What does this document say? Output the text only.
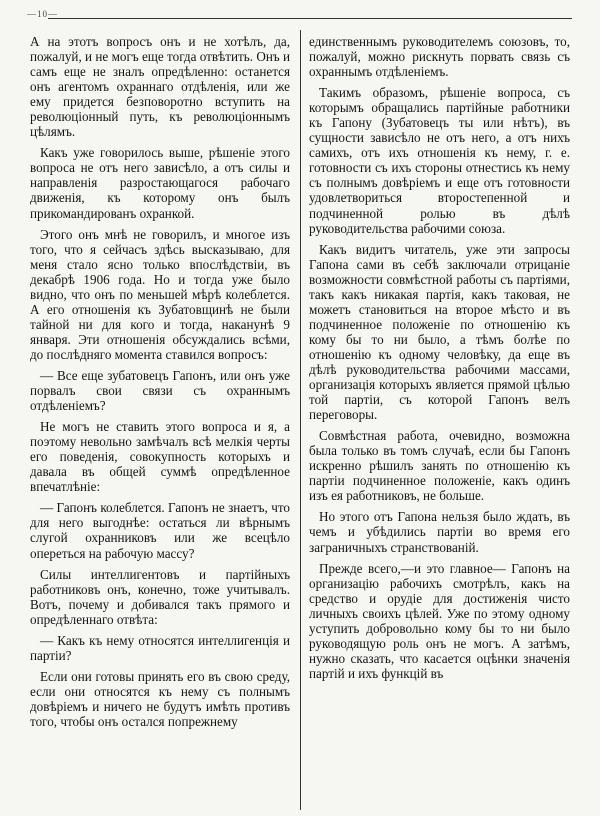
—10—

А на этотъ вопросъ онъ и не хотѣлъ, да, пожалуй, и не могъ еще тогда отвѣтить. Онъ и самъ еще не зналъ опредѣленно: останется онъ агентомъ охраннаго отдѣленія, или же ему придется безповоротно вступить на революціонный путь, къ революціоннымъ цѣлямъ.

Какъ уже говорилось выше, рѣшеніе этого вопроса не отъ него зависѣло, а отъ силы и направленія разростающагося рабочаго движенія, къ которому онъ былъ прикомандированъ охранкой.

Этого онъ мнѣ не говорилъ, и многое изъ того, что я сейчасъ здѣсь высказываю, для меня стало ясно только впослѣдствіи, въ декабрѣ 1906 года. Но и тогда уже было видно, что онъ по меньшей мѣрѣ колеблется. А его отношенія къ Зубатовщинѣ не были тайной ни для кого и тогда, наканунѣ 9 января. Эти отношенія обсуждались всѣми, до послѣдняго момента ставился вопросъ:

— Все еще зубатовецъ Гапонъ, или онъ уже порвалъ свои связи съ охраннымъ отдѣленіемъ?

Не могъ не ставить этого вопроса и я, а поэтому невольно замѣчалъ всѣ мелкія черты его поведенія, совокупность которыхъ и давала въ общей суммѣ опредѣленное впечатлѣніе:

— Гапонъ колеблется. Гапонъ не знаетъ, что для него выгоднѣе: остаться ли вѣрнымъ слугой охранниковъ или же всецѣло опереться на рабочую массу?

Силы интеллигентовъ и партійныхъ работниковъ онъ, конечно, тоже учитывалъ. Вотъ, почему и добивался такъ прямого и опредѣленнаго отвѣта:

— Какъ къ нему относятся интеллигенція и партіи?

Если они готовы принять его въ свою среду, если они относятся къ нему съ полнымъ довѣріемъ и ничего не будутъ имѣть противъ того, чтобы онъ остался попрежнему

единственнымъ руководителемъ союзовъ, то, пожалуй, можно рискнуть порвать связь съ охраннымъ отдѣленіемъ.

Такимъ образомъ, рѣшеніе вопроса, съ которымъ обращались партійные работники къ Гапону (Зубатовецъ ты или нѣтъ), въ сущности зависѣло не отъ него, а отъ нихъ самихъ, отъ ихъ отношенія къ нему, г. е. готовности съ ихъ стороны отнестись къ нему съ полнымъ довѣріемъ и еще отъ готовности удовлетвориться второстепенной и подчиненной ролью въ дѣлѣ руководительства рабочими союза.

Какъ видитъ читатель, уже эти запросы Гапона сами въ себѣ заключали отрицаніе возможности совмѣстной работы съ партіями, такъ какъ никакая партія, какъ таковая, не можетъ становиться на второе мѣсто и въ подчиненное положеніе по отношенію къ кому бы то ни было, а тѣмъ болѣе по отношенію къ одному человѣку, да еще въ дѣлѣ руководительства рабочими массами, организація которыхъ является прямой цѣлью той партіи, съ которой Гапонъ велъ переговоры.

Совмѣстная работа, очевидно, возможна была только въ томъ случаѣ, если бы Гапонъ искренно рѣшилъ занять по отношенію къ партіи подчиненное положеніе, какъ одинъ изъ ея работниковъ, не больше.

Но этого отъ Гапона нельзя было ждать, въ чемъ и убѣдились партіи во время его заграничныхъ странствованій.

Прежде всего,—и это главное— Гапонъ на организацію рабочихъ смотрѣлъ, какъ на средство и орудіе для достиженія чисто личныхъ своихъ цѣлей. Уже по этому одному уступить добровольно кому бы то ни было руководящую роль онъ не могъ. А затѣмъ, нужно сказать, что касается оцѣнки значенія партій и ихъ функцій въ
